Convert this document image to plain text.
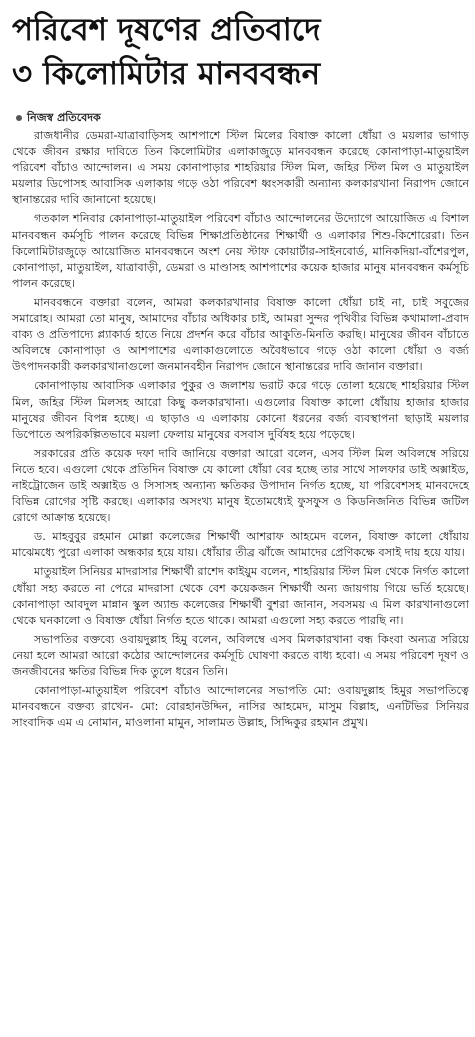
পরিবেশ দূষণের প্রতিবাদে
৩ কিলোমিটার মানববন্ধন
নিজস্ব প্রতিবেদক

রাজধানীর ডেমরা-যাত্রাবাড়িসহ আশপাশে স্টিল মিলের বিষাক্ত কালো ধোঁয়া ও ময়লার ভাগাড় থেকে জীবন রক্ষার দাবিতে তিন কিলোমিটার এলাকাজুড়ে মানববন্ধন করেছে কোনাপাড়া-মাতুয়াইল পরিবেশ বাঁচাও আন্দোলন। এ সময় কোনাপাড়ার শাহরিয়ার স্টিল মিল, জহির স্টিল মিল ও মাতুয়াইল ময়লার ডিপোসহ আবাসিক এলাকায় গড়ে ওঠা পরিবেশ ধ্বংসকারী অন্যান্য কলকারখানা নিরাপদ জোনে স্থানান্তরের দাবি জানানো হয়েছে।

গতকাল শনিবার কোনাপাড়া-মাতুয়াইল পরিবেশ বাঁচাও আন্দোলনের উদ্যোগে আয়োজিত এ বিশাল মানববন্ধন কর্মসূচি পালন করেছে বিভিন্ন শিক্ষাপ্রতিষ্ঠানের শিক্ষার্থী ও এলাকার শিশু-কিশোরেরা। তিন কিলোমিটারজুড়ে আয়োজিত মানববন্ধনে অংশ নেয় স্টাফ কোয়ার্টার-সাইনবোর্ড, মানিকদিয়া-বাঁশেরপুল, কোনাপাড়া, মাতুয়াইল, যাত্রাবাড়ী, ডেমরা ও মাণ্ডাসহ আশপাশের কয়েক হাজার মানুষ মানববন্ধন কর্মসূচি পালন করেছে।

মানববন্ধনে বক্তারা বলেন, আমরা কলকারখানার বিষাক্ত কালো ধোঁয়া চাই না, চাই সবুজের সমারোহ। আমরা তো মানুষ, আমাদের বাঁচার অধিকার চাই, আমরা সুন্দর পৃথিবীর বিভিন্ন কথামালা-প্রবাদ বাক্য ও প্রতিপাদ্যে প্ল্যাকার্ড হাতে নিয়ে প্রদর্শন করে বাঁচার আকুতি-মিনতি করছি। মানুষের জীবন বাঁচাতে অবিলম্বে কোনাপাড়া ও আশপাশের এলাকাগুলোতে অবৈধভাবে গড়ে ওঠা কালো ধোঁয়া ও বর্জ্য উৎপাদনকারী কলকারখানাগুলো জনমানবহীন নিরাপদ জোনে স্থানান্তরের দাবি জানান বক্তারা।

কোনাপাড়ায় আবাসিক এলাকার পুকুর ও জলাশয় ভরাট করে গড়ে তোলা হয়েছে শাহরিয়ার স্টিল মিল, জহির স্টিল মিলসহ আরো কিছু কলকারখানা। এগুলোর বিষাক্ত কালো ধোঁয়ায় হাজার হাজার মানুষের জীবন বিপন্ন হচ্ছে। এ ছাড়াও এ এলাকায় কোনো ধরনের বর্জ্য ব্যবস্থাপনা ছাড়াই ময়লার ডিপোতে অপরিকল্পিতভাবে ময়লা ফেলায় মানুষের বসবাস দুর্বিষহ হয়ে পড়েছে।

সরকারের প্রতি কয়েক দফা দাবি জানিয়ে বক্তারা আরো বলেন, এসব স্টিল মিল অবিলম্বে সরিয়ে নিতে হবে। এগুলো থেকে প্রতিদিন বিষাক্ত যে কালো ধোঁয়া বের হচ্ছে তার সাথে সালফার ডাই অক্সাইড, নাইট্রোজেন ডাই অক্সাইড ও সিসাসহ অন্যান্য ক্ষতিকর উপাদান নির্গত হচ্ছে, যা পরিবেশসহ মানবদেহে বিভিন্ন রোগের সৃষ্টি করছে। এলাকার অসংখ্য মানুষ ইতোমধ্যেই ফুসফুস ও কিডনিজনিত বিভিন্ন জটিল রোগে আক্রান্ত হয়েছে।

ড. মাহবুবুর রহমান মোল্লা কলেজের শিক্ষার্থী আশরাফ আহমেদ বলেন, বিষাক্ত কালো ধোঁয়ায় মাঝেমধ্যে পুরো এলাকা অন্ধকার হয়ে যায়। ধোঁয়ার তীব্র ঝাঁজে আমাদের প্রেণিকক্ষে বসাই দায় হয়ে যায়।

মাতুয়াইল সিনিয়র মাদরাসার শিক্ষার্থী রাশেদ কাইয়ুম বলেন, শাহরিয়ার স্টিল মিল থেকে নির্গত কালো ধোঁয়া সহ্য করতে না পেরে মাদরাসা থেকে বেশ কয়েকজন শিক্ষার্থী অন্য জায়গায় গিয়ে ভর্তি হয়েছে। কোনাপাড়া আবদুল মান্নান স্কুল অ্যান্ড কলেজের শিক্ষার্থী বুশরা জানান, সবসময় এ মিল কারখানাগুলো থেকে ঘনকালো ও বিষাক্ত ধোঁয়া নির্গত হতে থাকে। আমরা এগুলো সহ্য করতে পারছি না।

সভাপতির বক্তব্যে ওবায়দুল্লাহ হিমু বলেন, অবিলম্বে এসব মিলকারখানা বন্ধ কিংবা অন্যত্র সরিয়ে নেয়া হলে আমরা আরো কঠোর আন্দোলনের কর্মসূচি ঘোষণা করতে বাধ্য হবো। এ সময় পরিবেশ দূষণ ও জনজীবনের ক্ষতির বিভিন্ন দিক তুলে ধরেন তিনি।

কোনাপাড়া-মাতুয়াইল পরিবেশ বাঁচাও আন্দোলনের সভাপতি মো: ওবায়দুল্লাহ হিমুর সভাপতিত্বে মানববন্ধনে বক্তব্য রাখেন- মো: বোরহানউদ্দিন, নাসির আহমেদ, মাসুম বিল্লাহ, এনটিভির সিনিয়র সাংবাদিক এম এ নোমান, মাওলানা মামুন, সালামত উল্লাহ, সিদ্দিকুর রহমান প্রমুখ।
